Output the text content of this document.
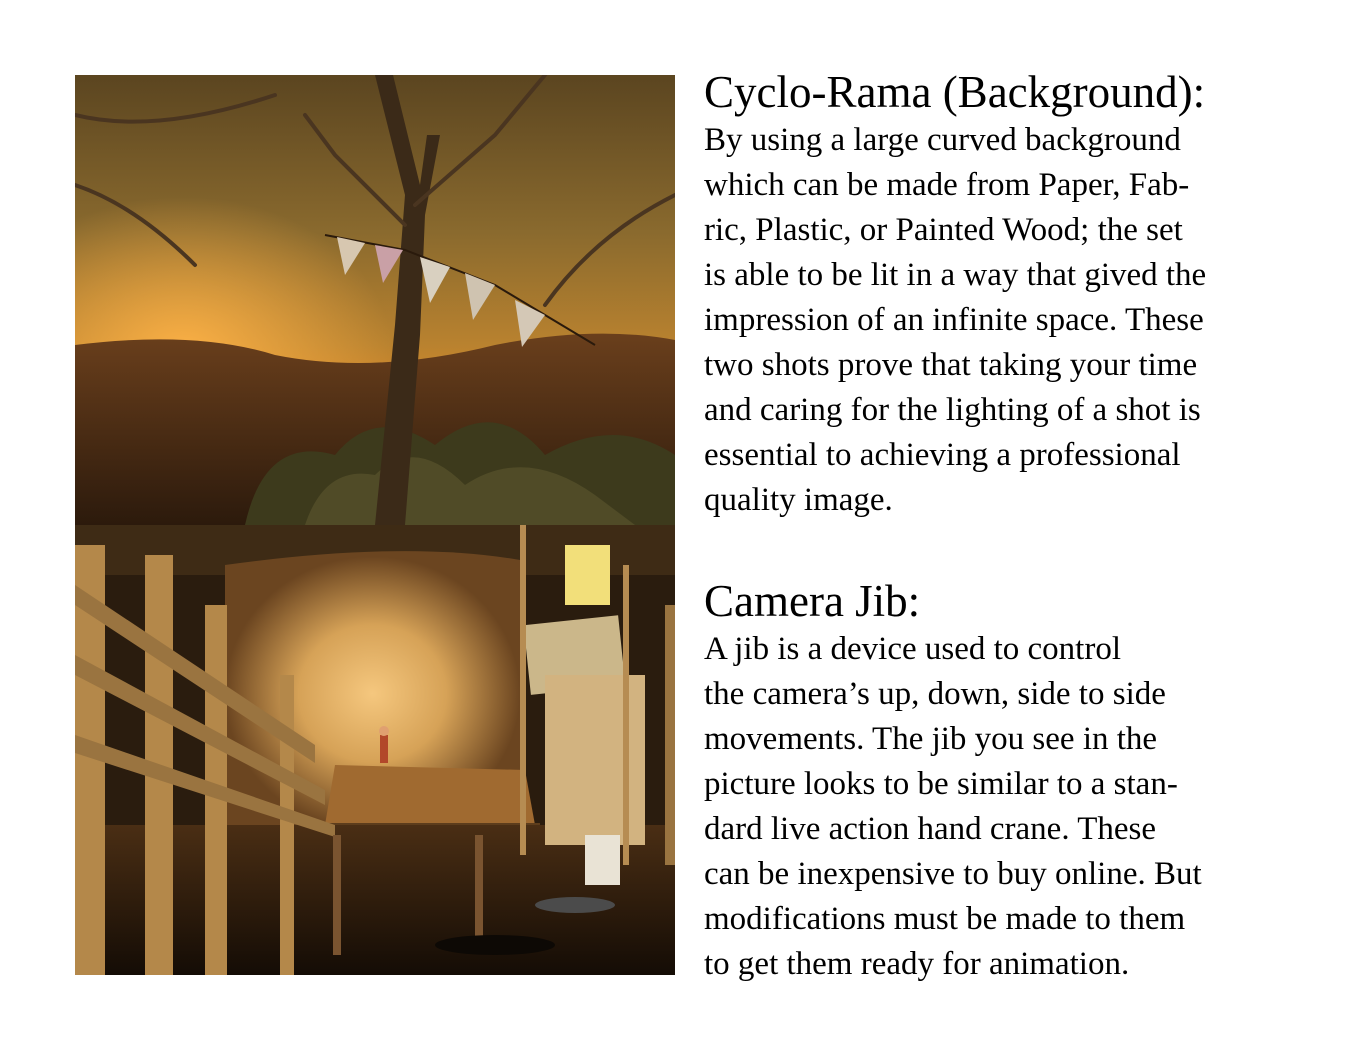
Cyclo-Rama (Background):
By using a large curved background
which can be made from Paper, Fab-
ric, Plastic, or Painted Wood; the set
is able to be lit in a way that gived the
impression of an infinite space. These
two shots prove that taking your time
and caring for the lighting of a shot is
essential to achieving a professional
quality image.
Camera Jib:
A jib is a device used to control
the camera’s up, down, side to side
movements. The jib you see in the
picture looks to be similar to a stan-
dard live action hand crane. These
can be inexpensive to buy online. But
modifications must be made to them
to get them ready for animation.
